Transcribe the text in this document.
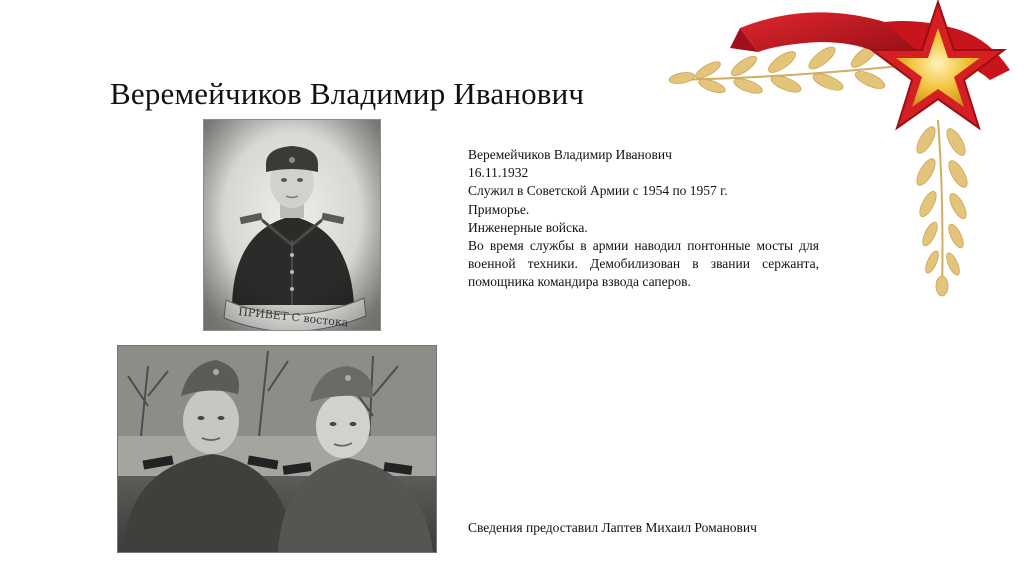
Веремейчиков Владимир Иванович

Веремейчиков Владимир Иванович

16.11.1932

Служил в Советской Армии с 1954 по 1957 г.

Приморье.

Инженерные войска.

Во время службы в армии наводил понтонные мосты для военной техники. Демобилизован в звании сержанта, помощника командира взвода саперов.

Сведения предоставил Лаптев Михаил Романович
